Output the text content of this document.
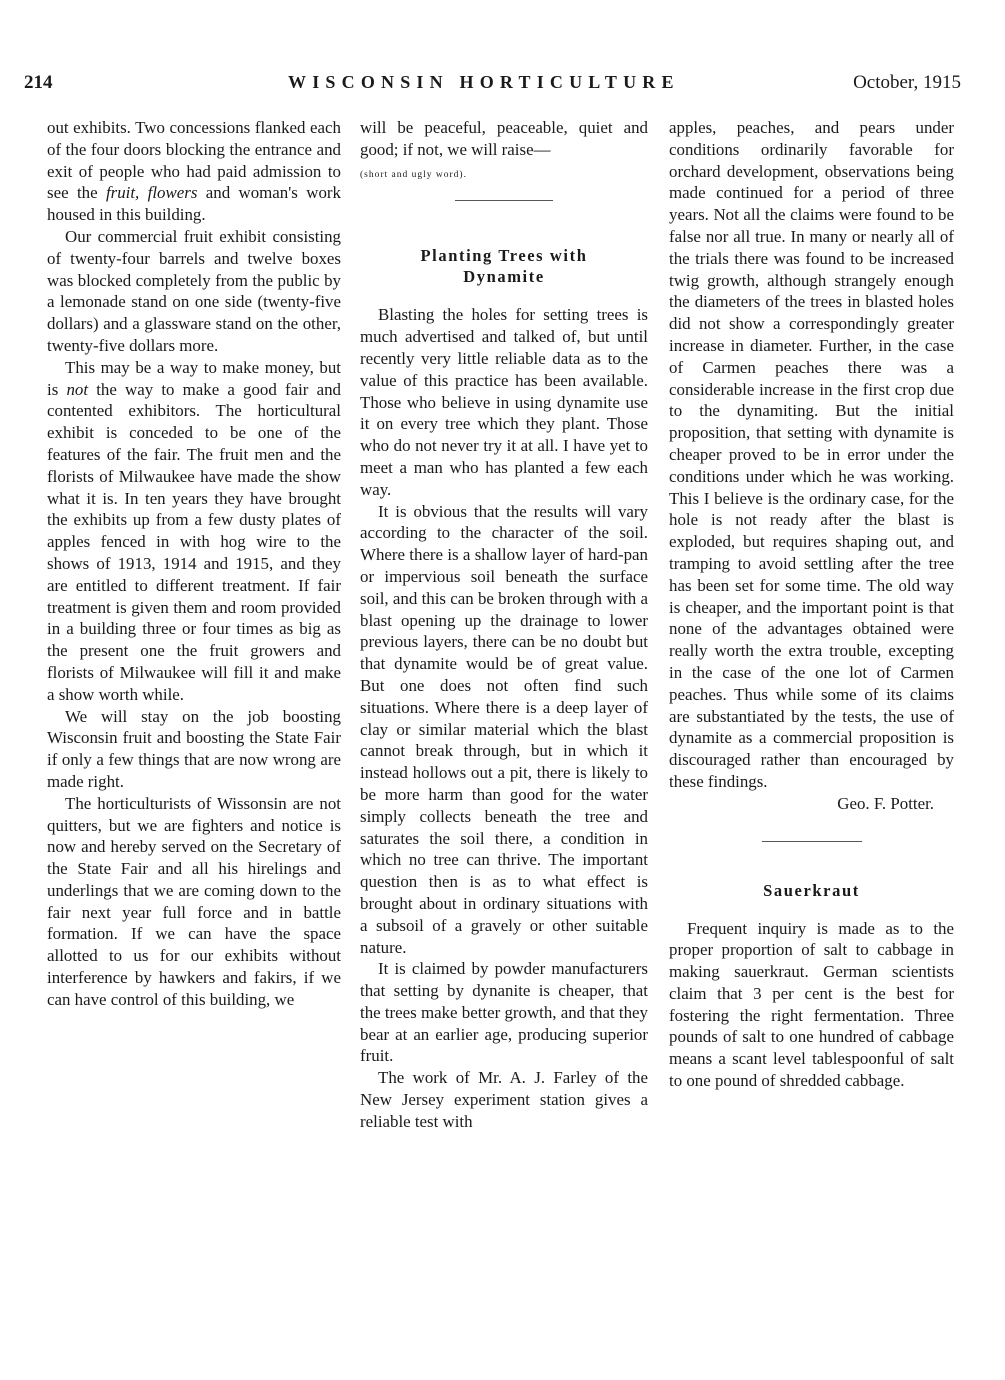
214	WISCONSIN HORTICULTURE	October, 1915

out exhibits. Two concessions flanked each of the four doors blocking the entrance and exit of people who had paid admission to see the fruit, flowers and woman's work housed in this building.

Our commercial fruit exhibit consisting of twenty-four barrels and twelve boxes was blocked completely from the public by a lemonade stand on one side (twenty-five dollars) and a glassware stand on the other, twenty-five dollars more.

This may be a way to make money, but is not the way to make a good fair and contented exhibitors. The horticultural exhibit is conceded to be one of the features of the fair. The fruit men and the florists of Milwaukee have made the show what it is. In ten years they have brought the exhibits up from a few dusty plates of apples fenced in with hog wire to the shows of 1913, 1914 and 1915, and they are entitled to different treatment. If fair treatment is given them and room provided in a building three or four times as big as the present one the fruit growers and florists of Milwaukee will fill it and make a show worth while.

We will stay on the job boosting Wisconsin fruit and boosting the State Fair if only a few things that are now wrong are made right.

The horticulturists of Wissonsin are not quitters, but we are fighters and notice is now and hereby served on the Secretary of the State Fair and all his hirelings and underlings that we are coming down to the fair next year full force and in battle formation. If we can have the space allotted to us for our exhibits without interference by hawkers and fakirs, if we can have control of this building, we

will be peaceful, peaceable, quiet and good; if not, we will raise—
(short and ugly word).

Planting Trees with
Dynamite

Blasting the holes for setting trees is much advertised and talked of, but until recently very little reliable data as to the value of this practice has been available. Those who believe in using dynamite use it on every tree which they plant. Those who do not never try it at all. I have yet to meet a man who has planted a few each way.

It is obvious that the results will vary according to the character of the soil. Where there is a shallow layer of hard-pan or impervious soil beneath the surface soil, and this can be broken through with a blast opening up the drainage to lower previous layers, there can be no doubt but that dynamite would be of great value. But one does not often find such situations. Where there is a deep layer of clay or similar material which the blast cannot break through, but in which it instead hollows out a pit, there is likely to be more harm than good for the water simply collects beneath the tree and saturates the soil there, a condition in which no tree can thrive. The important question then is as to what effect is brought about in ordinary situations with a subsoil of a gravely or other suitable nature.

It is claimed by powder manufacturers that setting by dynanite is cheaper, that the trees make better growth, and that they bear at an earlier age, producing superior fruit.

The work of Mr. A. J. Farley of the New Jersey experiment station gives a reliable test with

apples, peaches, and pears under conditions ordinarily favorable for orchard development, observations being made continued for a period of three years. Not all the claims were found to be false nor all true. In many or nearly all of the trials there was found to be increased twig growth, although strangely enough the diameters of the trees in blasted holes did not show a correspondingly greater increase in diameter. Further, in the case of Carmen peaches there was a considerable increase in the first crop due to the dynamiting. But the initial proposition, that setting with dynamite is cheaper proved to be in error under the conditions under which he was working. This I believe is the ordinary case, for the hole is not ready after the blast is exploded, but requires shaping out, and tramping to avoid settling after the tree has been set for some time. The old way is cheaper, and the important point is that none of the advantages obtained were really worth the extra trouble, excepting in the case of the one lot of Carmen peaches. Thus while some of its claims are substantiated by the tests, the use of dynamite as a commercial proposition is discouraged rather than encouraged by these findings.

Geo. F. Potter.

Sauerkraut

Frequent inquiry is made as to the proper proportion of salt to cabbage in making sauerkraut. German scientists claim that 3 per cent is the best for fostering the right fermentation. Three pounds of salt to one hundred of cabbage means a scant level tablespoonful of salt to one pound of shredded cabbage.
